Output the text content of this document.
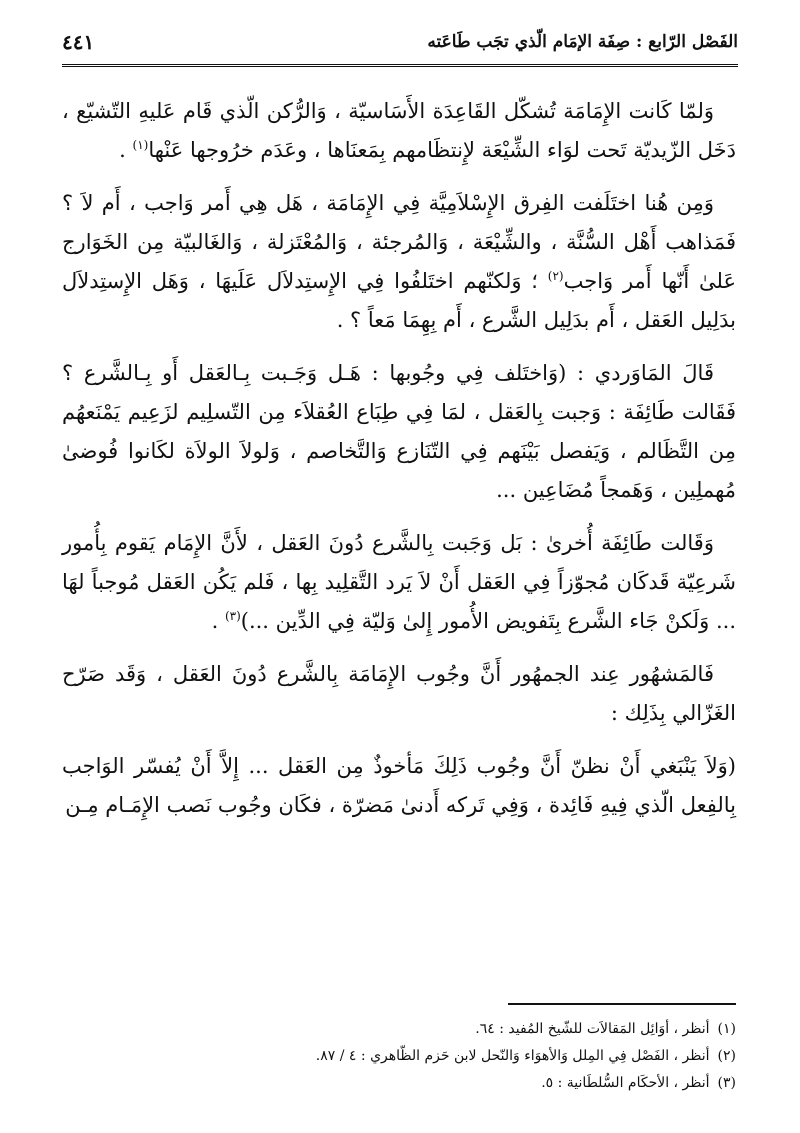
الفَصْل الرّابع : صِفَة الإمَام الّذي تجَب طَاعَته
٤٤١

وَلمّا كَانت الإِمَامَة تُشكّل القَاعِدَة الأَسَاسيّة ، وَالرُّكن الّذي قَام عَليهِ التّشيّع ، دَخَل الزّيديّة تَحت لوَاء الشِّيْعَة لإِنتظَامهم بِمَعنَاها ، وعَدَم خرُوجها عَنْها$^{(١)}$ .

وَمِن هُنا اختَلَفت الفِرق الإِسْلاَمِيَّة فِي الإِمَامَة ، هَل هِي أَمر وَاجب ، أَم لاَ ؟ فَمَذاهب أَهْل السُّنَّة ، والشِّيْعَة ، وَالمُرجئة ، وَالمُعْتَزلة ، وَالغَالبيّة مِن الخَوَارج عَلىٰ أَنّها أَمر وَاجب$^{(٢)}$ ؛ وَلكنّهم اختَلفُوا فِي الإِستِدلاَل عَلَيهَا ، وَهَل الإِستِدلاَل بدَلِيل العَقل ، أَم بدَلِيل الشَّرع ، أَم بِهِمَا مَعاً ؟ .

قَالَ المَاوَردي : (وَاختَلف فِي وجُوبها : هَـل وَجَـبت بِـالعَقل أَو بِـالشَّرع ؟ فَقَالت طَائِفَة : وَجبت بِالعَقل ، لمَا فِي طِبَاع العُقلاَء مِن التّسلِيم لزَعِيم يَمْنَعهُم مِن التَّظَالم ، وَيَفصل بَيْنَهم فِي التّنَازع وَالتَّخاصم ، وَلولاَ الولاَة لكَانوا فُوضىٰ مُهملِين ، وَهَمجاً مُضَاعِين ...

وَقَالت طَائِفَة أُخرىٰ : بَل وَجَبت بِالشَّرع دُونَ العَقل ، لأَنَّ الإِمَام يَقوم بِأُمور شَرعِيّة قَدكَان مُجوّزاً فِي العَقل أَنْ لاَ يَرد التَّقلِيد بِها ، فَلم يَكُن العَقل مُوجباً لهَا ... وَلَكنْ جَاء الشَّرع بِتَفويض الأُمور إِلىٰ وَليّة فِي الدِّين ...)$^{(٣)}$ .

فَالمَشهُور عِند الجمهُور أَنَّ وجُوب الإِمَامَة بِالشَّرع دُونَ العَقل ، وَقَد صَرّح الغَزّالي بِذَلِك :

(وَلاَ يَنْبَغي أَنْ نظنّ أَنَّ وجُوب ذَلِكَ مَأخوذٌ مِن العَقل ... إِلاَّ أَنْ يُفسّر الوَاجب بِالفِعل الّذي فِيهِ فَائِدة ، وَفِي تَركه أَدنىٰ مَضرّة ، فكَان وجُوب نَصب الإِمَـام مِـن

(١)أنظر ، أوَائِل المَقالاَت للشّيخ المُفيد : ٦٤.
(٢)أنظر ، الفَصْل فِي المِلل وَالأهوَاء وَالنّحل لابن حَزم الظّاهري : ٤ / ٨٧.
(٣)أنظر ، الأحكَام السُّلطَانية : ٥.
